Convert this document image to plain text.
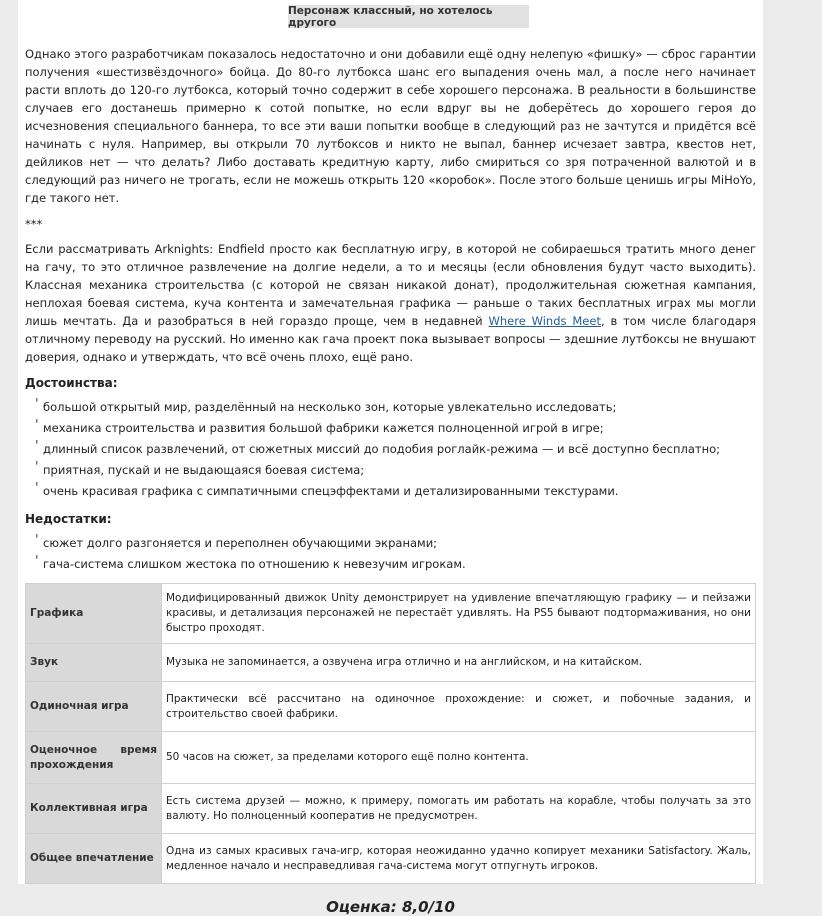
Персонаж классный, но хотелось другого

Однако этого разработчикам показалось недостаточно и они добавили ещё одну нелепую «фишку» — сброс гарантии получения «шестизвёздочного» бойца. До 80-го лутбокса шанс его выпадения очень мал, а после него начинает расти вплоть до 120-го лутбокса, который точно содержит в себе хорошего персонажа. В реальности в большинстве случаев его достанешь примерно к сотой попытке, но если вдруг вы не доберётесь до хорошего героя до исчезновения специального баннера, то все эти ваши попытки вообще в следующий раз не зачтутся и придётся всё начинать с нуля. Например, вы открыли 70 лутбоксов и никто не выпал, баннер исчезает завтра, квестов нет, дейликов нет — что делать? Либо доставать кредитную карту, либо смириться со зря потраченной валютой и в следующий раз ничего не трогать, если не можешь открыть 120 «коробок». После этого больше ценишь игры MiHoYo, где такого нет.

***

Если рассматривать Arknights: Endfield просто как бесплатную игру, в которой не собираешься тратить много денег на гачу, то это отличное развлечение на долгие недели, а то и месяцы (если обновления будут часто выходить). Классная механика строительства (с которой не связан никакой донат), продолжительная сюжетная кампания, неплохая боевая система, куча контента и замечательная графика — раньше о таких бесплатных играх мы могли лишь мечтать. Да и разобраться в ней гораздо проще, чем в недавней Where Winds Meet, в том числе благодаря отличному переводу на русский. Но именно как гача проект пока вызывает вопросы — здешние лутбоксы не внушают доверия, однако и утверждать, что всё очень плохо, ещё рано.

Достоинства:
' большой открытый мир, разделённый на несколько зон, которые увлекательно исследовать;
' механика строительства и развития большой фабрики кажется полноценной игрой в игре;
' длинный список развлечений, от сюжетных миссий до подобия роглайк-режима — и всё доступно бесплатно;
' приятная, пускай и не выдающаяся боевая система;
' очень красивая графика с симпатичными спецэффектами и детализированными текстурами.
Недостатки:
' сюжет долго разгоняется и переполнен обучающими экранами;
' гача-система слишком жестока по отношению к невезучим игрокам.
Графика	Модифицированный движок Unity демонстрирует на удивление впечатляющую графику — и пейзажи красивы, и детализация персонажей не перестаёт удивлять. На PS5 бывают подтормаживания, но они быстро проходят.
Звук	Музыка не запоминается, а озвучена игра отлично и на английском, и на китайском.
Одиночная игра	Практически всё рассчитано на одиночное прохождение: и сюжет, и побочные задания, и строительство своей фабрики.
Оценочное время прохождения	50 часов на сюжет, за пределами которого ещё полно контента.
Коллективная игра	Есть система друзей — можно, к примеру, помогать им работать на корабле, чтобы получать за это валюту. Но полноценный кооператив не предусмотрен.
Общее впечатление	Одна из самых красивых гача-игр, которая неожиданно удачно копирует механики Satisfactory. Жаль, медленное начало и несправедливая гача-система могут отпугнуть игроков.
Оценка: 8,0/10
